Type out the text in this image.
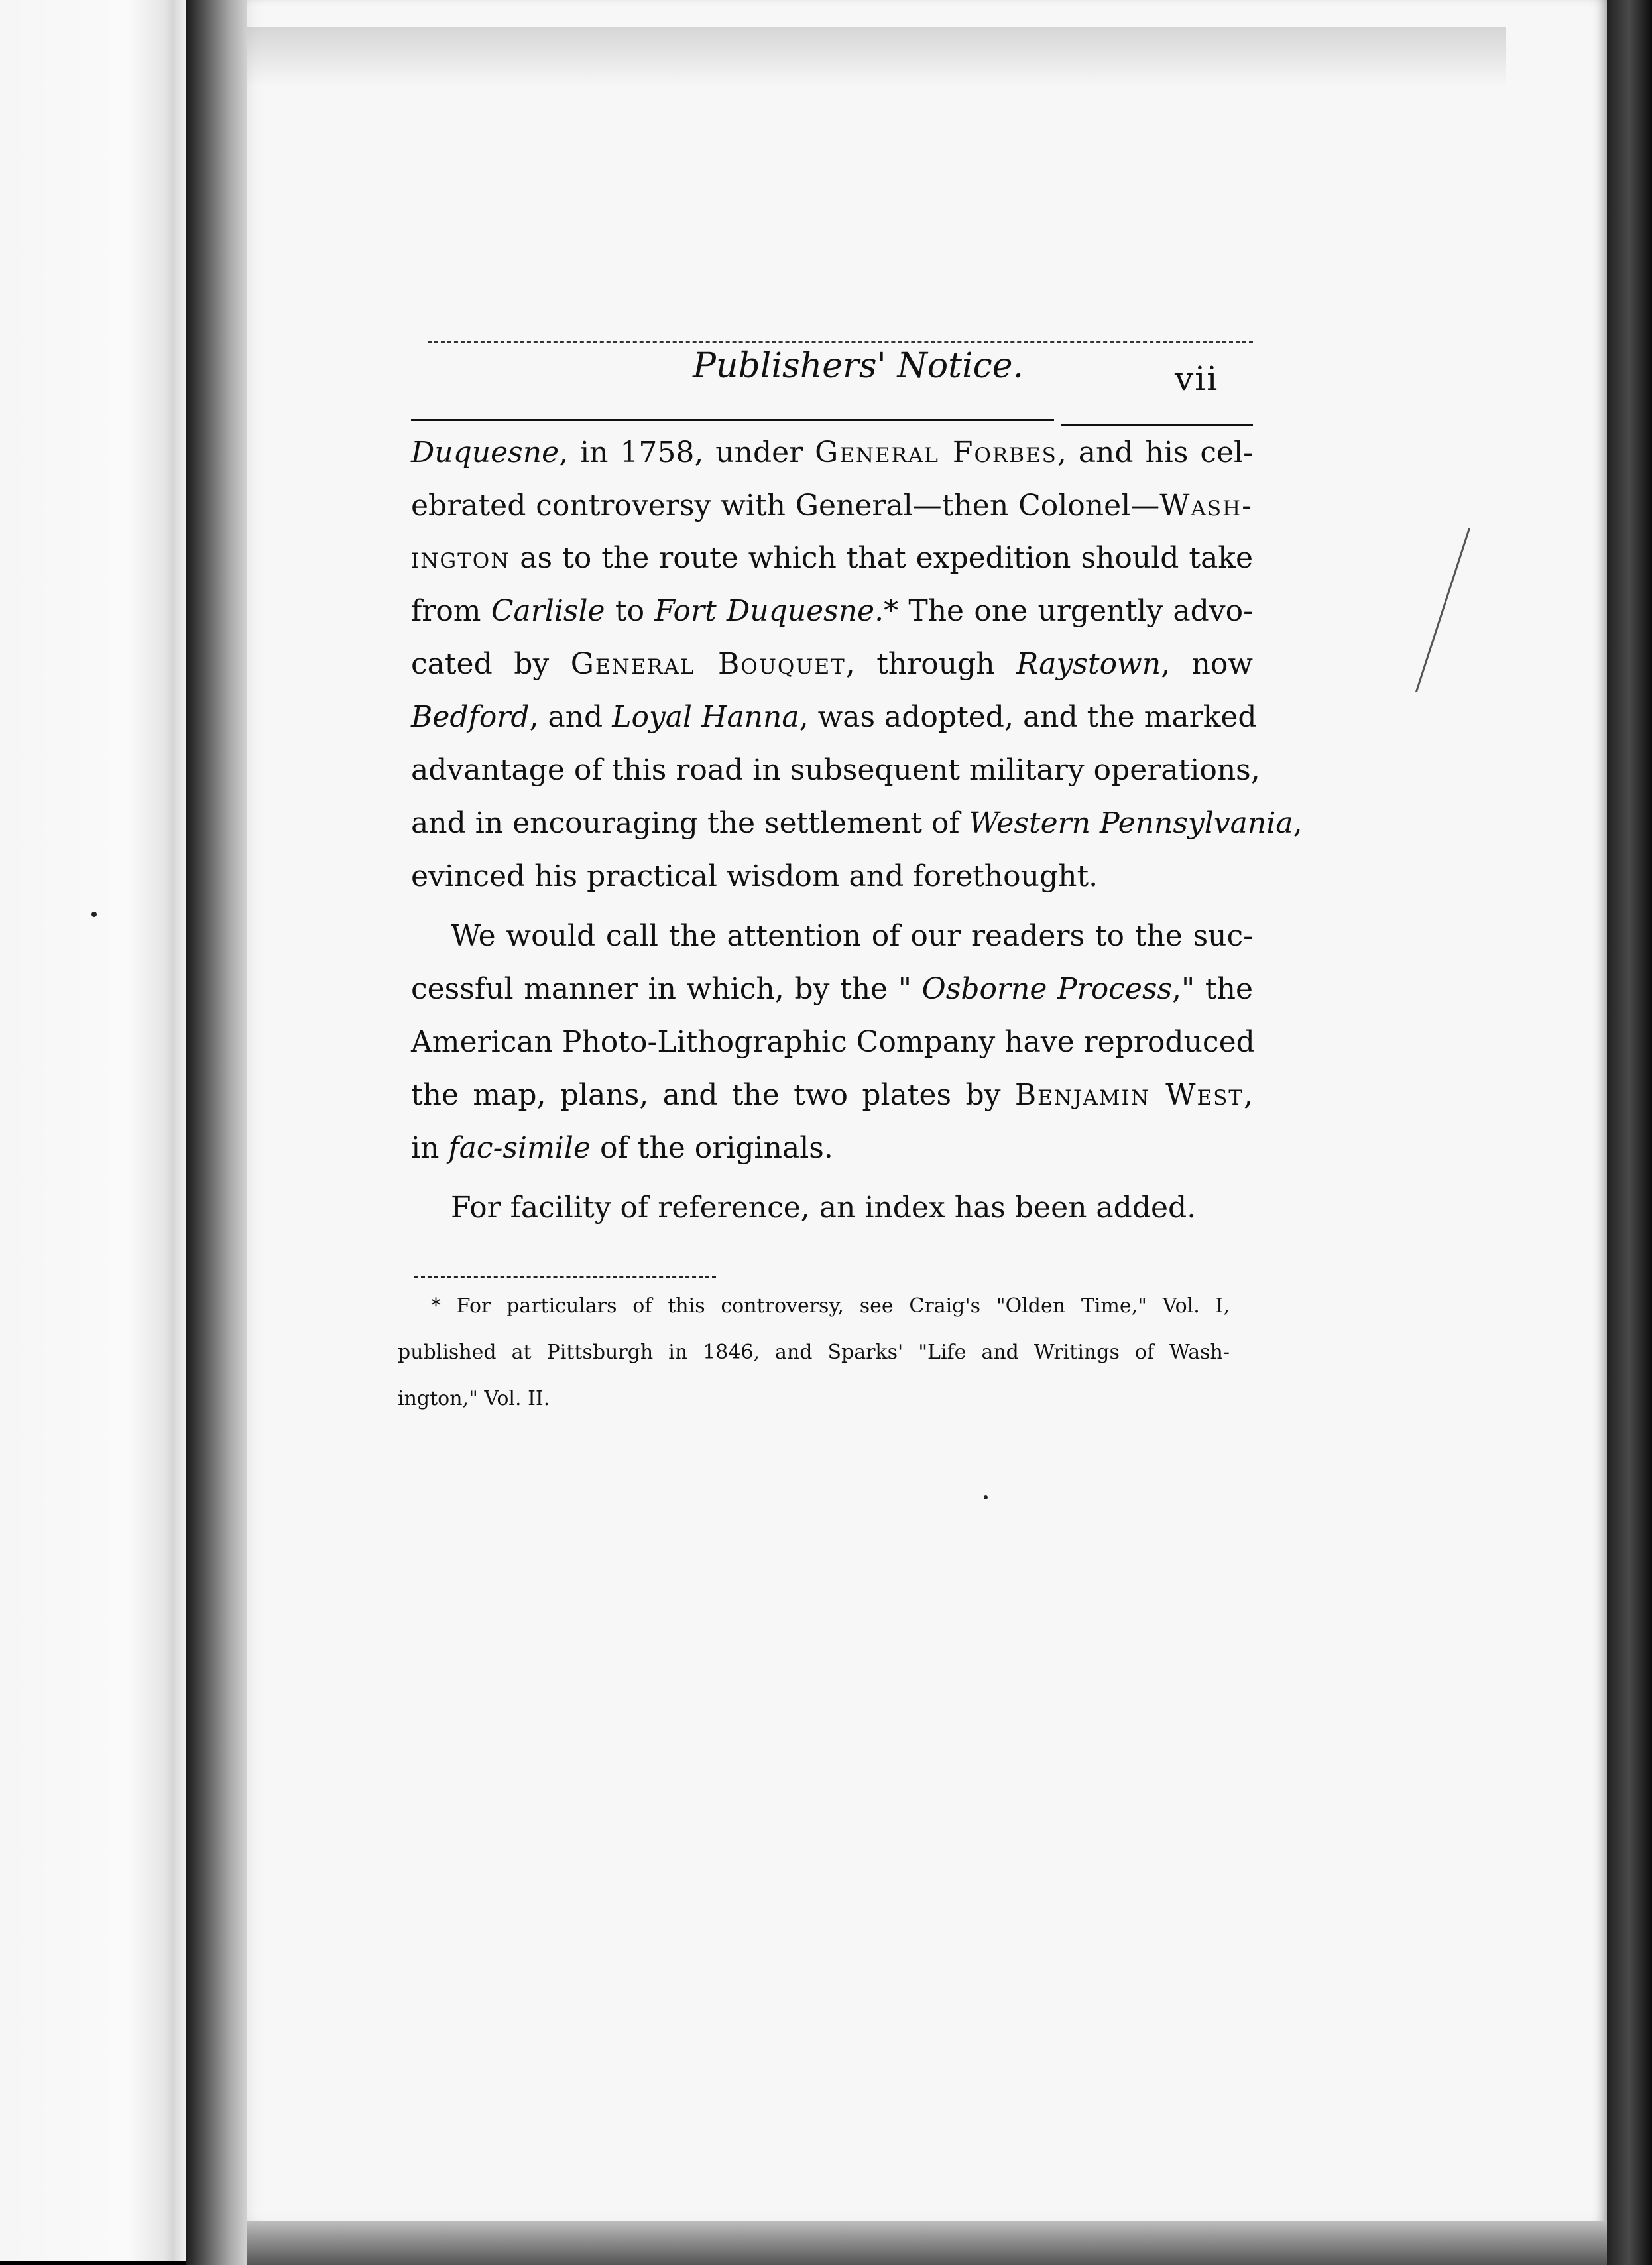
Publishers' Notice.	vii
Duquesne, in 1758, under General Forbes, and his cel-
ebrated controversy with General—then Colonel—Wash-
ington as to the route which that expedition should take
from Carlisle to Fort Duquesne.* The one urgently advo-
cated by General Bouquet, through Raystown, now
Bedford, and Loyal Hanna, was adopted, and the marked
advantage of this road in subsequent military operations,
and in encouraging the settlement of Western Pennsylvania,
evinced his practical wisdom and forethought.
We would call the attention of our readers to the suc-
cessful manner in which, by the " Osborne Process," the
American Photo-Lithographic Company have reproduced
the map, plans, and the two plates by Benjamin West,
in fac-simile of the originals.
For facility of reference, an index has been added.
* For particulars of this controversy, see Craig's "Olden Time," Vol. I,
published at Pittsburgh in 1846, and Sparks' "Life and Writings of Wash-
ington," Vol. II.
